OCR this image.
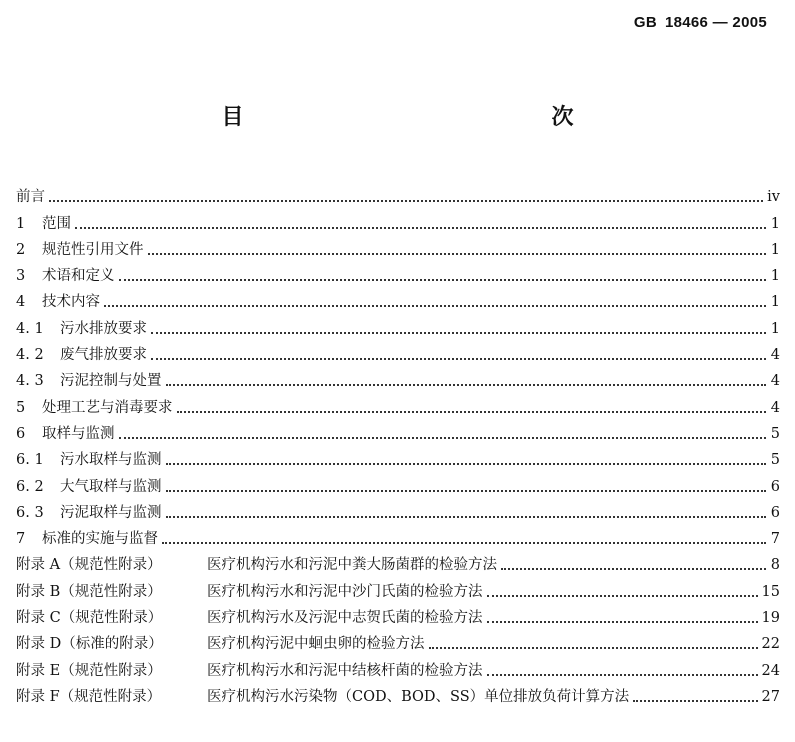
GB 18466 — 2005
目　　次
前言	iv
1	范围	1
2	规范性引用文件	1
3	术语和定义	1
4	技术内容	1
4. 1	污水排放要求	1
4. 2	废气排放要求	4
4. 3	污泥控制与处置	4
5	处理工艺与消毒要求	4
6	取样与监测	5
6. 1	污水取样与监测	5
6. 2	大气取样与监测	6
6. 3	污泥取样与监测	6
7	标准的实施与监督	7
附录 A（规范性附录）	医疗机构污水和污泥中粪大肠菌群的检验方法	8
附录 B（规范性附录）	医疗机构污水和污泥中沙门氏菌的检验方法	15
附录 C（规范性附录）	医疗机构污水及污泥中志贺氏菌的检验方法	19
附录 D（标准的附录）	医疗机构污泥中蛔虫卵的检验方法	22
附录 E（规范性附录）	医疗机构污水和污泥中结核杆菌的检验方法	24
附录 F（规范性附录）	医疗机构污水污染物（COD、BOD、SS）单位排放负荷计算方法	27
